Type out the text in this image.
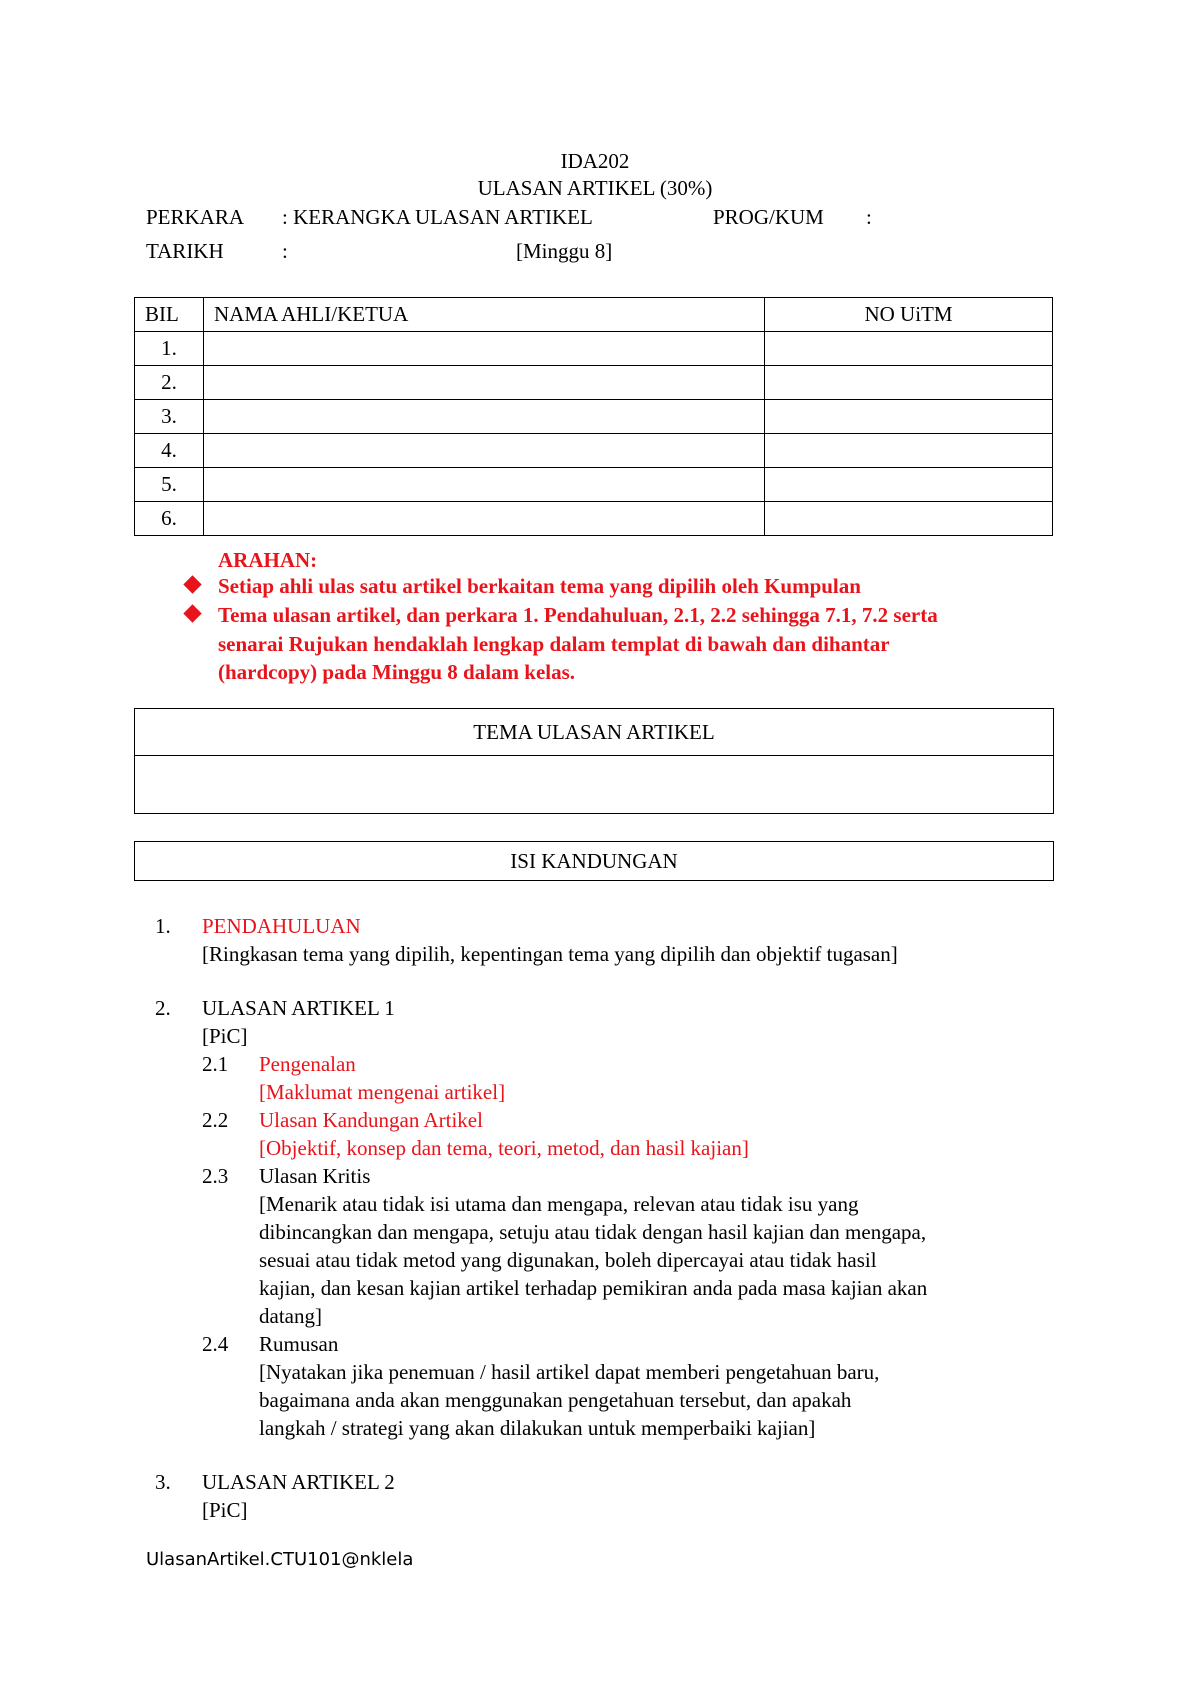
IDA202
ULASAN ARTIKEL (30%)
PERKARA : KERANGKA ULASAN ARTIKEL	PROG/KUM :
TARIKH	:	[Minggu 8]
BIL	NAMA AHLI/KETUA	NO UiTM
1.		
2.		
3.		
4.		
5.		
6.		
ARAHAN:
Setiap ahli ulas satu artikel berkaitan tema yang dipilih oleh Kumpulan
Tema ulasan artikel, dan perkara 1. Pendahuluan, 2.1, 2.2 sehingga 7.1, 7.2 serta
senarai Rujukan hendaklah lengkap dalam templat di bawah dan dihantar
(hardcopy) pada Minggu 8 dalam kelas.
TEMA ULASAN ARTIKEL
ISI KANDUNGAN
1. PENDAHULUAN
[Ringkasan tema yang dipilih, kepentingan tema yang dipilih dan objektif tugasan]
2. ULASAN ARTIKEL 1
[PiC]
2.1 Pengenalan
[Maklumat mengenai artikel]
2.2 Ulasan Kandungan Artikel
[Objektif, konsep dan tema, teori, metod, dan hasil kajian]
2.3 Ulasan Kritis
[Menarik atau tidak isi utama dan mengapa, relevan atau tidak isu yang
dibincangkan dan mengapa, setuju atau tidak dengan hasil kajian dan mengapa,
sesuai atau tidak metod yang digunakan, boleh dipercayai atau tidak hasil
kajian, dan kesan kajian artikel terhadap pemikiran anda pada masa kajian akan
datang]
2.4 Rumusan
[Nyatakan jika penemuan / hasil artikel dapat memberi pengetahuan baru,
bagaimana anda akan menggunakan pengetahuan tersebut, dan apakah
langkah / strategi yang akan dilakukan untuk memperbaiki kajian]
3. ULASAN ARTIKEL 2
[PiC]
UlasanArtikel.CTU101@nklela
